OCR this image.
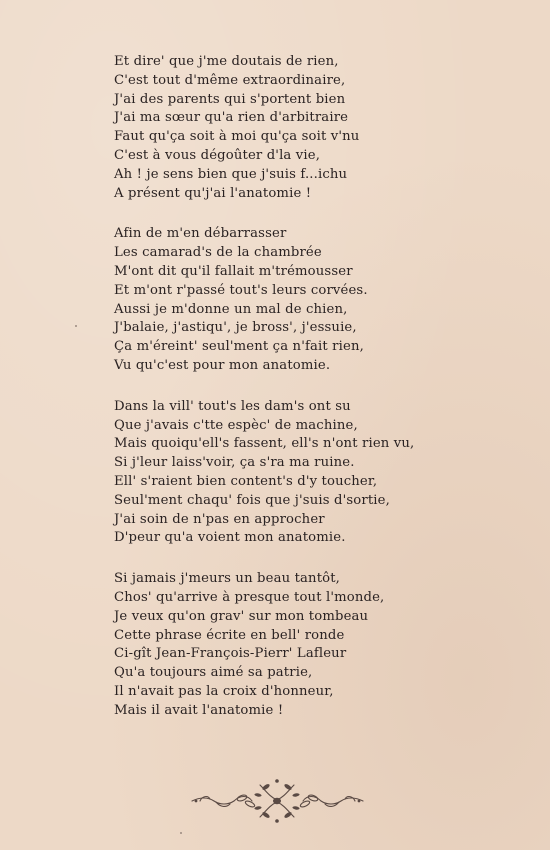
Et dire' que j'me doutais de rien,
C'est tout d'même extraordinaire,
J'ai des parents qui s'portent bien
J'ai ma sœur qu'a rien d'arbitraire
Faut qu'ça soit à moi qu'ça soit v'nu
C'est à vous dégoûter d'la vie,
Ah ! je sens bien que j'suis f...ichu
A présent qu'j'ai l'anatomie !
Afin de m'en débarrasser
Les camarad's de la chambrée
M'ont dit qu'il fallait m'trémousser
Et m'ont r'passé tout's leurs corvées.
Aussi je m'donne un mal de chien,
J'balaie, j'astiqu', je bross', j'essuie,
Ça m'éreint' seul'ment ça n'fait rien,
Vu qu'c'est pour mon anatomie.
Dans la vill' tout's les dam's ont su
Que j'avais c'tte espèc' de machine,
Mais quoiqu'ell's fassent, ell's n'ont rien vu,
Si j'leur laiss'voir, ça s'ra ma ruine.
Ell' s'raient bien content's d'y toucher,
Seul'ment chaqu' fois que j'suis d'sortie,
J'ai soin de n'pas en approcher
D'peur qu'a voient mon anatomie.
Si jamais j'meurs un beau tantôt,
Chos' qu'arrive à presque tout l'monde,
Je veux qu'on grav' sur mon tombeau
Cette phrase écrite en bell' ronde
Ci-gît Jean-François-Pierr' Lafleur
Qu'a toujours aimé sa patrie,
Il n'avait pas la croix d'honneur,
Mais il avait l'anatomie !
